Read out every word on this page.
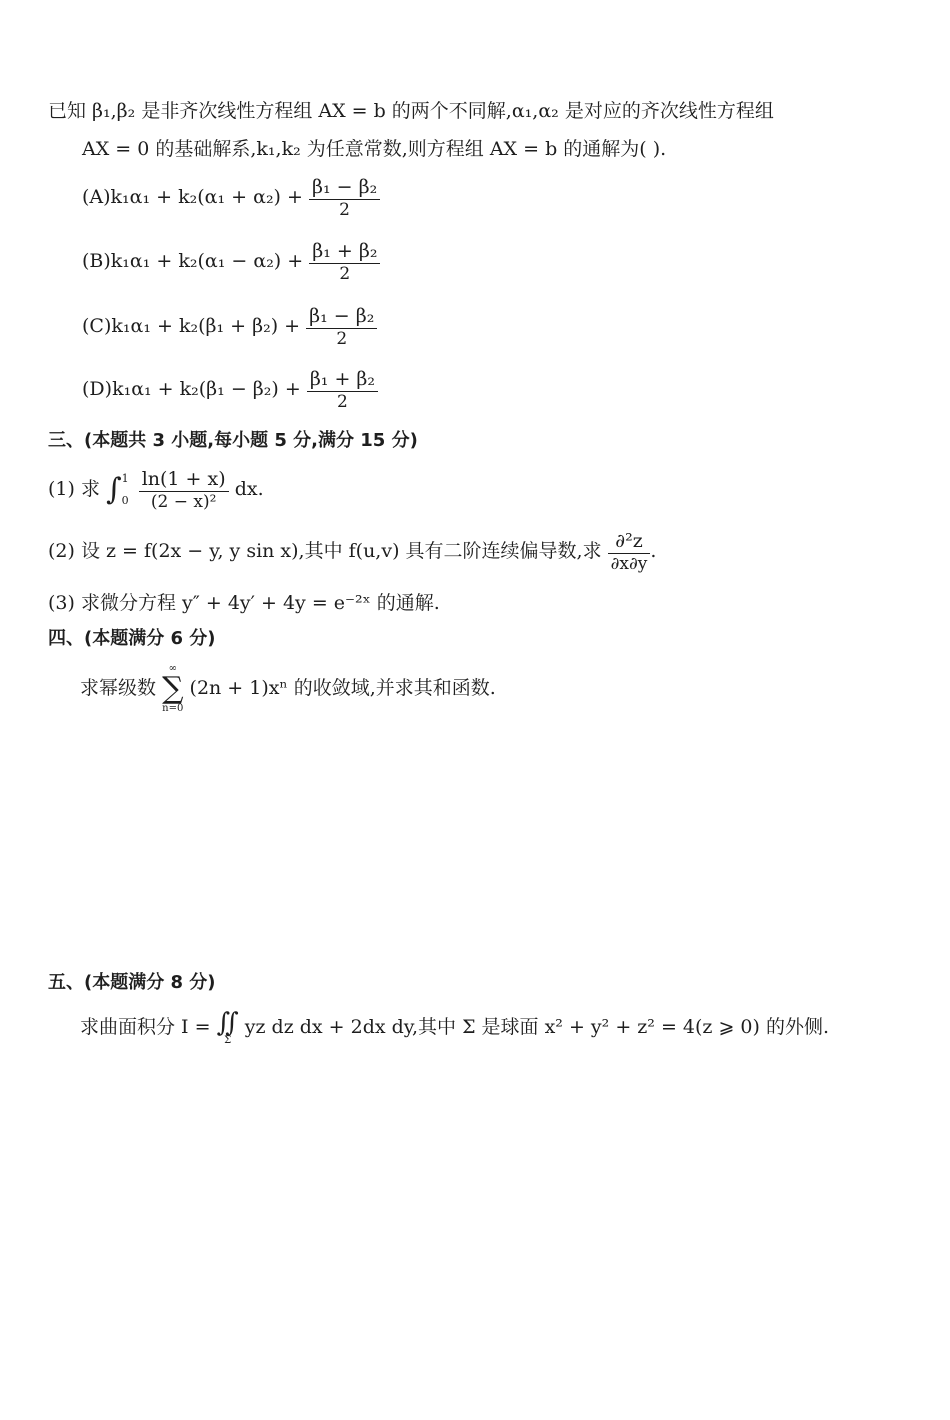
已知 β₁,β₂ 是非齐次线性方程组 AX = b 的两个不同解,α₁,α₂ 是对应的齐次线性方程组
AX = 0 的基础解系,k₁,k₂ 为任意常数,则方程组 AX = b 的通解为( ).
$(A)k_1\alpha_1 + k_2(\alpha_1 + \alpha_2) + \frac{\text{β₁ − β₂}}{2}$
$(B)k_1\alpha_1 + k_2(\alpha_1 - \alpha_2) + \frac{\text{β₁ + β₂}}{2}$
$(C)k_1\alpha_1 + k_2(\beta_1 + \beta_2) + \frac{\text{β₁ − β₂}}{2}$
$(D)k_1\alpha_1 + k_2(\beta_1 - \beta_2) + \frac{\text{β₁ + β₂}}{2}$
三、(本题共 3 小题,每小题 5 分,满分 15 分)
(1) 求 ∫ 1
0
$\frac{\ln(1 + x)}{\text{(2 − x)²}}$ dx.
(2) 设 z = f(2x − y, y sin x),其中 f(u,v) 具有二阶连续偏导数,求 $\frac{\text{∂²z}}{\partial x\partial y}$ .
(3) 求微分方程 y″ + 4y′ + 4y = e⁻²ˣ 的通解.
四、(本题满分 6 分)
求幂级数
∞
∑
n=0
(2n + 1)xⁿ 的收敛域,并求其和函数.
五、(本题满分 8 分)
求曲面积分 I = ∬
Σ
yz dz dx + 2dx dy,其中 Σ 是球面 x² + y² + z² = 4(z ⩾ 0) 的外侧.
